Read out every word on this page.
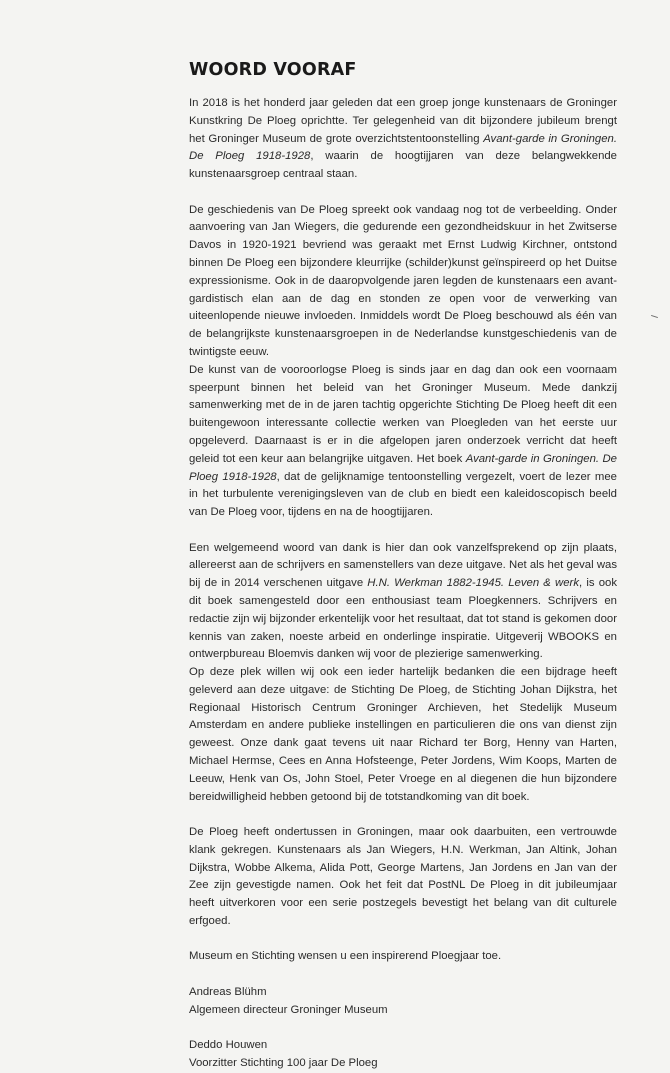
WOORD VOORAF

In 2018 is het honderd jaar geleden dat een groep jonge kunstenaars de Groninger Kunstkring De Ploeg oprichtte. Ter gelegenheid van dit bijzondere jubileum brengt het Groninger Museum de grote overzichtstentoonstelling Avant-garde in Groningen. De Ploeg 1918-1928, waarin de hoogtijjaren van deze belangwekkende kunstenaarsgroep centraal staan.

De geschiedenis van De Ploeg spreekt ook vandaag nog tot de verbeelding. Onder aanvoering van Jan Wiegers, die gedurende een gezondheidskuur in het Zwitserse Davos in 1920-1921 bevriend was geraakt met Ernst Ludwig Kirchner, ontstond binnen De Ploeg een bijzondere kleurrijke (schilder)kunst geïnspireerd op het Duitse expressionisme. Ook in de daaropvolgende jaren legden de kunstenaars een avant-gardistisch elan aan de dag en stonden ze open voor de verwerking van uiteenlopende nieuwe invloeden. Inmiddels wordt De Ploeg beschouwd als één van de belangrijkste kunstenaarsgroepen in de Nederlandse kunstgeschiedenis van de twintigste eeuw.

De kunst van de vooroorlogse Ploeg is sinds jaar en dag dan ook een voornaam speerpunt binnen het beleid van het Groninger Museum. Mede dankzij samenwerking met de in de jaren tachtig opgerichte Stichting De Ploeg heeft dit een buitengewoon interessante collectie werken van Ploegleden van het eerste uur opgeleverd. Daarnaast is er in die afgelopen jaren onderzoek verricht dat heeft geleid tot een keur aan belangrijke uitgaven. Het boek Avant-garde in Groningen. De Ploeg 1918-1928, dat de gelijknamige tentoonstelling vergezelt, voert de lezer mee in het turbulente verenigingsleven van de club en biedt een kaleidoscopisch beeld van De Ploeg voor, tijdens en na de hoogtijjaren.

Een welgemeend woord van dank is hier dan ook vanzelfsprekend op zijn plaats, allereerst aan de schrijvers en samenstellers van deze uitgave. Net als het geval was bij de in 2014 verschenen uitgave H.N. Werkman 1882-1945. Leven & werk, is ook dit boek samengesteld door een enthousiast team Ploegkenners. Schrijvers en redactie zijn wij bijzonder erkentelijk voor het resultaat, dat tot stand is gekomen door kennis van zaken, noeste arbeid en onderlinge inspiratie. Uitgeverij WBOOKS en ontwerpbureau Bloemvis danken wij voor de plezierige samenwerking.

Op deze plek willen wij ook een ieder hartelijk bedanken die een bijdrage heeft geleverd aan deze uitgave: de Stichting De Ploeg, de Stichting Johan Dijkstra, het Regionaal Historisch Centrum Groninger Archieven, het Stedelijk Museum Amsterdam en andere publieke instellingen en particulieren die ons van dienst zijn geweest. Onze dank gaat tevens uit naar Richard ter Borg, Henny van Harten, Michael Hermse, Cees en Anna Hofsteenge, Peter Jordens, Wim Koops, Marten de Leeuw, Henk van Os, John Stoel, Peter Vroege en al diegenen die hun bijzondere bereidwilligheid hebben getoond bij de totstandkoming van dit boek.

De Ploeg heeft ondertussen in Groningen, maar ook daarbuiten, een vertrouwde klank gekregen. Kunstenaars als Jan Wiegers, H.N. Werkman, Jan Altink, Johan Dijkstra, Wobbe Alkema, Alida Pott, George Martens, Jan Jordens en Jan van der Zee zijn gevestigde namen. Ook het feit dat PostNL De Ploeg in dit jubileumjaar heeft uitverkoren voor een serie postzegels bevestigt het belang van dit culturele erfgoed.

Museum en Stichting wensen u een inspirerend Ploegjaar toe.

Andreas Blühm

Algemeen directeur Groninger Museum

Deddo Houwen

Voorzitter Stichting 100 jaar De Ploeg
